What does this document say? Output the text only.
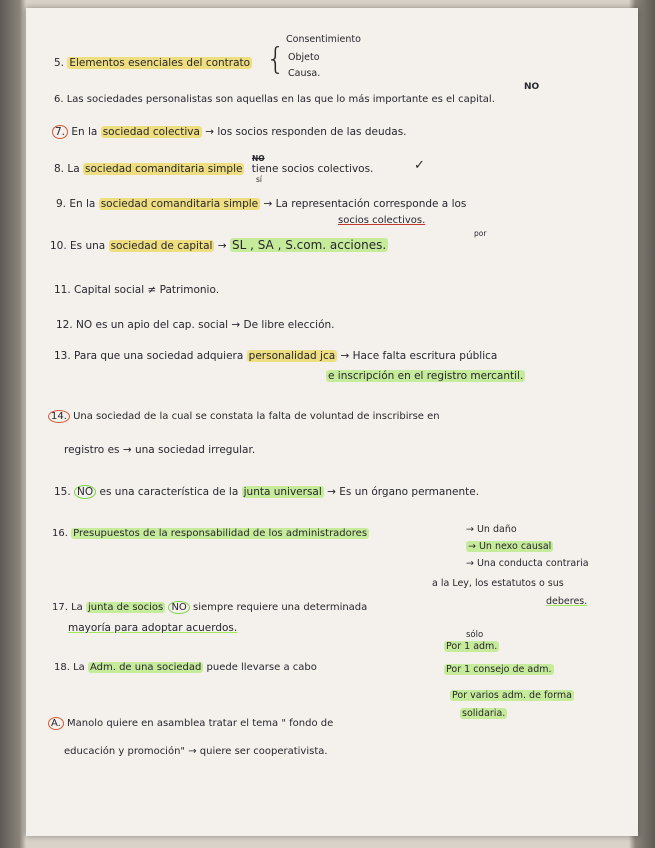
5. Elementos esenciales del contrato {
Consentimiento
Objeto
Causa.
6. Las sociedades personalistas son aquellas en las que lo más importante es el capital.
NO
7. En la sociedad colectiva → los socios responden de las deudas.
8. La sociedad comanditaria simple tiene socios colectivos.
NO
sí
✓
9. En la sociedad comanditaria simple → La representación corresponde a los
socios colectivos.
10. Es una sociedad de capital → SL , SA , S.com. acciones.
por
11. Capital social ≠ Patrimonio.
12. NO es un apio del cap. social → De libre elección.
13. Para que una sociedad adquiera personalidad jca → Hace falta escritura pública
e inscripción en el registro mercantil.
14. Una sociedad de la cual se constata la falta de voluntad de inscribirse en
registro es → una sociedad irregular.
15. NO es una característica de la junta universal → Es un órgano permanente.
16. Presupuestos de la responsabilidad de los administradores	→ Un daño
→ Un nexo causal
→ Una conducta contraria
a la Ley, los estatutos o sus
deberes.
17. La junta de socios NO siempre requiere una determinada
mayoría para adoptar acuerdos.
18. La Adm. de una sociedad puede llevarse a cabo
sólo
Por 1 adm.
Por 1 consejo de adm.
Por varios adm. de forma
solidaria.
A. Manolo quiere en asamblea tratar el tema " fondo de
educación y promoción" → quiere ser cooperativista.
